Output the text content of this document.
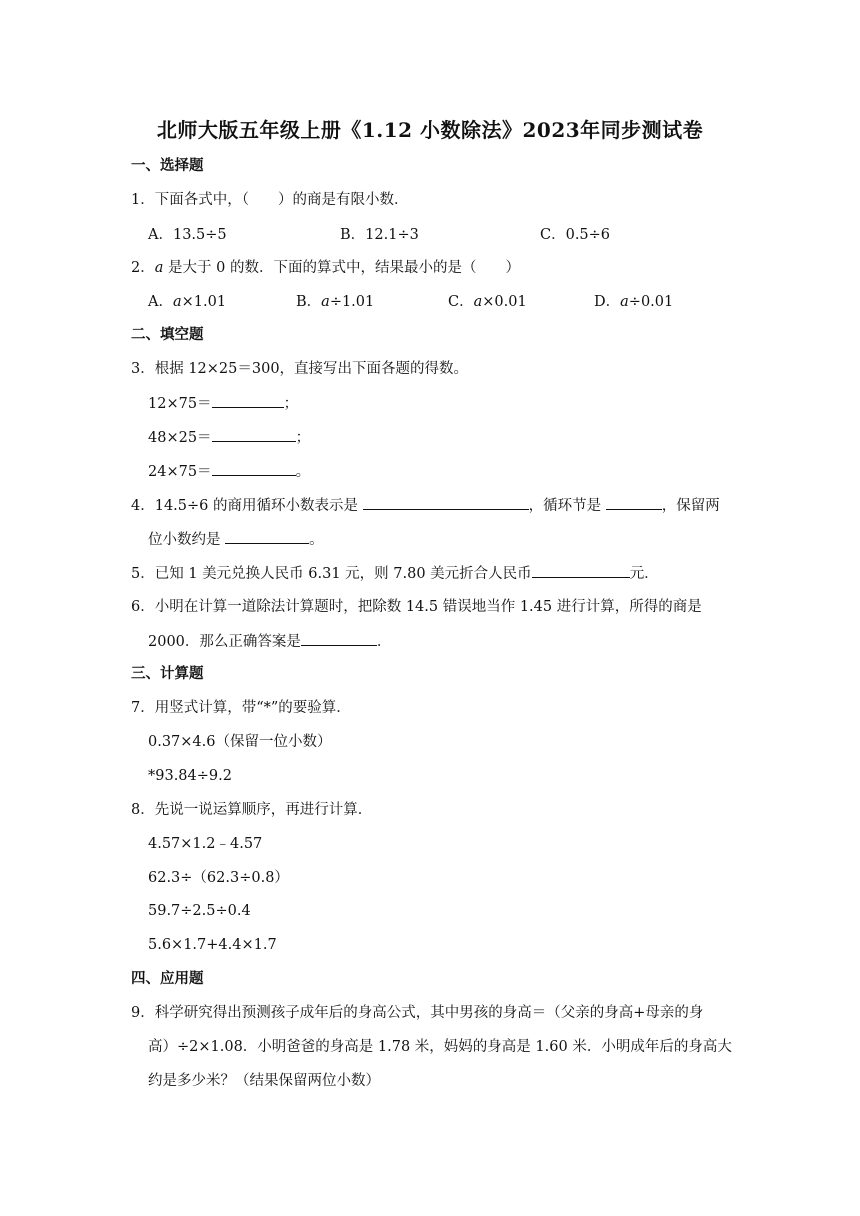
北师大版五年级上册《1.12 小数除法》2023年同步测试卷
一、选择题
1．下面各式中，（　　）的商是有限小数．
A．13.5÷5	B．12.1÷3	C．0.5÷6
2．a 是大于 0 的数．下面的算式中，结果最小的是（　　）
A．a×1.01	B．a÷1.01	C．a×0.01	D．a÷0.01
二、填空题
3．根据 12×25＝300，直接写出下面各题的得数。
12×75＝	；
48×25＝	；
24×75＝	。
4．14.5÷6 的商用循环小数表示是	，循环节是	，保留两
位小数约是	。
5．已知 1 美元兑换人民币 6.31 元，则 7.80 美元折合人民币	元．
6．小明在计算一道除法计算题时，把除数 14.5 错误地当作 1.45 进行计算，所得的商是
2000．那么正确答案是	．
三、计算题
7．用竖式计算，带“*”的要验算．
0.37×4.6（保留一位小数）
*93.84÷9.2
8．先说一说运算顺序，再进行计算．
4.57×1.2﹣4.57
62.3÷（62.3÷0.8）
59.7÷2.5÷0.4
5.6×1.7+4.4×1.7
四、应用题
9．科学研究得出预测孩子成年后的身高公式，其中男孩的身高＝（父亲的身高+母亲的身
高）÷2×1.08．小明爸爸的身高是 1.78 米，妈妈的身高是 1.60 米．小明成年后的身高大
约是多少米？（结果保留两位小数）
